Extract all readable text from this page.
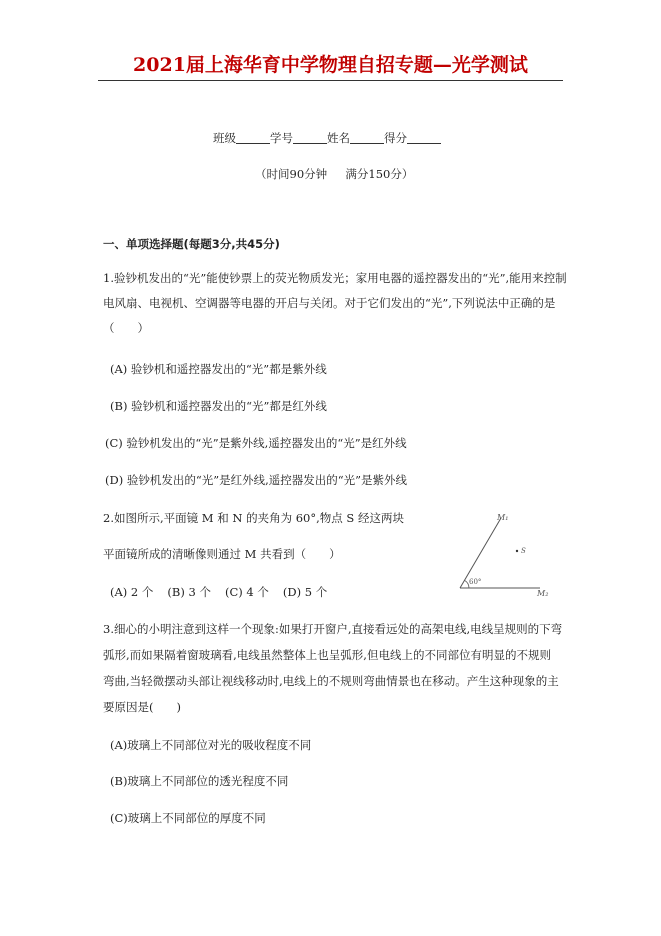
2021届上海华育中学物理自招专题—光学测试
班级	学号	姓名	得分
（时间90分钟 满分150分）
一、单项选择题(每题3分,共45分)
1.验钞机发出的“光”能使钞票上的荧光物质发光；家用电器的遥控器发出的“光”,能用来控制
电风扇、电视机、空调器等电器的开启与关闭。对于它们发出的“光”,下列说法中正确的是
（　　）
(A) 验钞机和遥控器发出的“光”都是紫外线
(B) 验钞机和遥控器发出的“光”都是红外线
(C) 验钞机发出的“光”是紫外线,遥控器发出的“光”是红外线
(D) 验钞机发出的“光”是红外线,遥控器发出的“光”是紫外线
2.如图所示,平面镜 M 和 N 的夹角为 60°,物点 S 经这两块
平面镜所成的清晰像则通过 M 共看到（　　）
(A) 2 个 (B) 3 个 (C) 4 个 (D) 5 个
M₁
M₂
S
60°
3.细心的小明注意到这样一个现象:如果打开窗户,直接看远处的高架电线,电线呈规则的下弯
弧形,而如果隔着窗玻璃看,电线虽然整体上也呈弧形,但电线上的不同部位有明显的不规则
弯曲,当轻微摆动头部让视线移动时,电线上的不规则弯曲情景也在移动。产生这种现象的主
要原因是(　　)
(A)玻璃上不同部位对光的吸收程度不同
(B)玻璃上不同部位的透光程度不同
(C)玻璃上不同部位的厚度不同
